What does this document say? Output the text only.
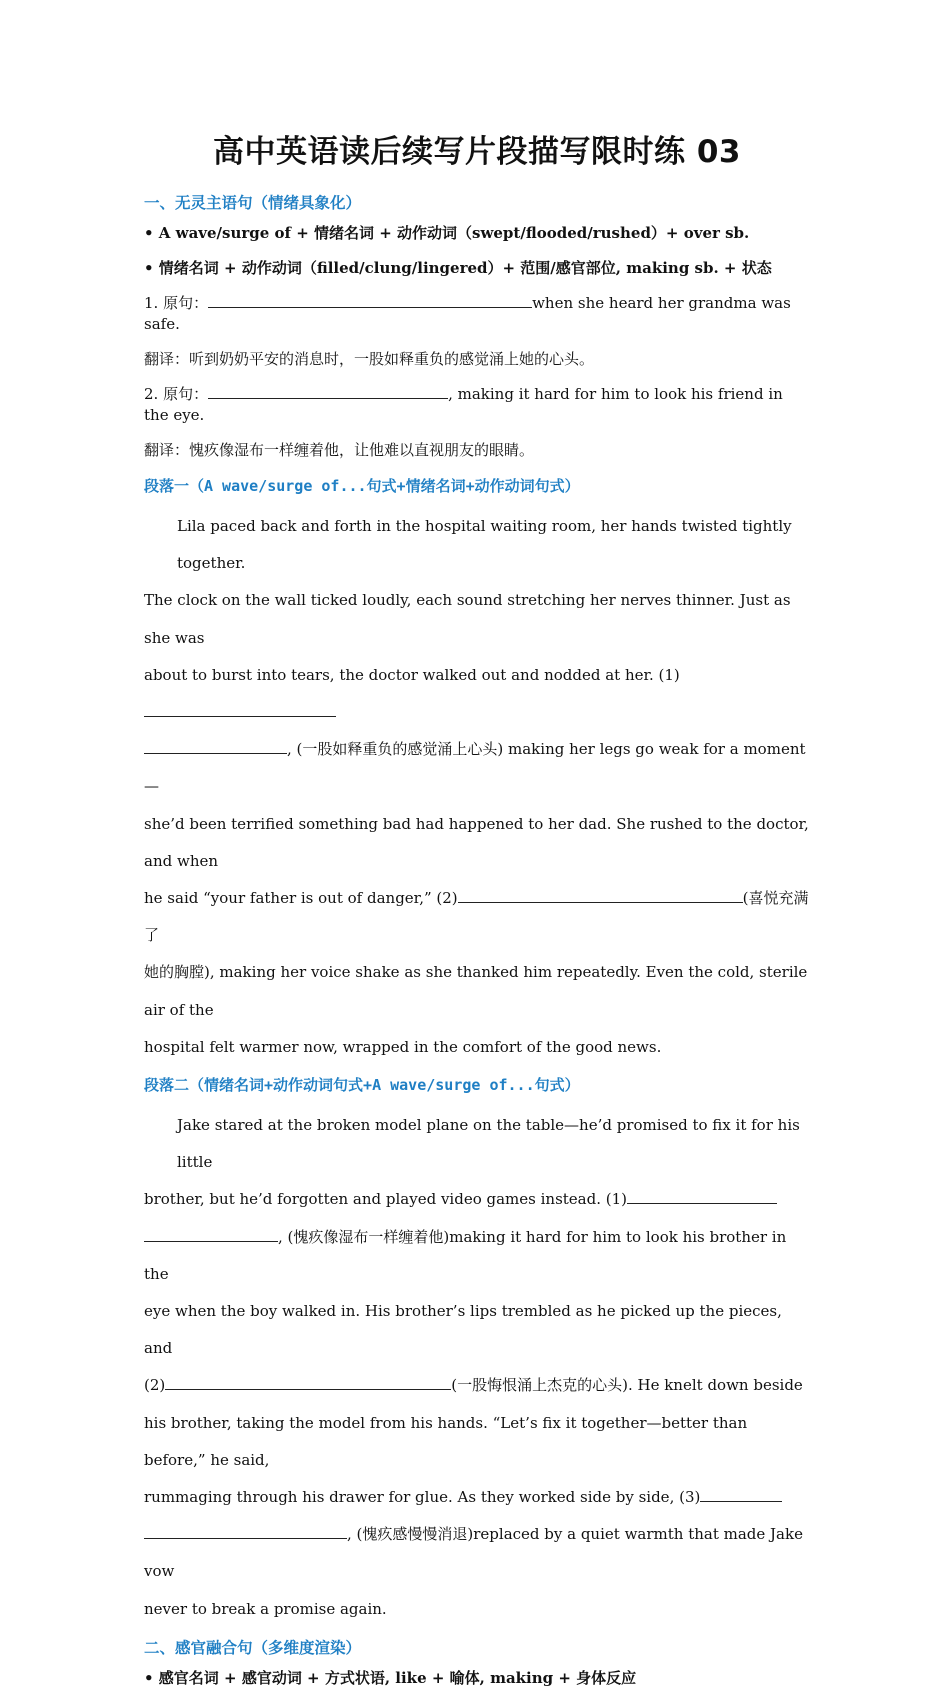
高中英语读后续写片段描写限时练 03
一、无灵主语句（情绪具象化）
• A wave/surge of + 情绪名词 + 动作动词（swept/flooded/rushed）+ over sb.
• 情绪名词 + 动作动词（filled/clung/lingered）+ 范围/感官部位, making sb. + 状态
1. 原句：	when she heard her grandma was safe.
翻译：听到奶奶平安的消息时，一股如释重负的感觉涌上她的心头。
2. 原句：	, making it hard for him to look his friend in the eye.
翻译：愧疚像湿布一样缠着他，让他难以直视朋友的眼睛。
段落一（A wave/surge of...句式+情绪名词+动作动词句式）
Lila paced back and forth in the hospital waiting room, her hands twisted tightly together.
The clock on the wall ticked loudly, each sound stretching her nerves thinner. Just as she was
about to burst into tears, the doctor walked out and nodded at her. (1)
, (一股如释重负的感觉涌上心头) making her legs go weak for a moment—
she’d been terrified something bad had happened to her dad. She rushed to the doctor, and when
he said “your father is out of danger,” (2)	(喜悦充满了
她的胸膛), making her voice shake as she thanked him repeatedly. Even the cold, sterile air of the
hospital felt warmer now, wrapped in the comfort of the good news.
段落二（情绪名词+动作动词句式+A wave/surge of...句式）
Jake stared at the broken model plane on the table—he’d promised to fix it for his little
brother, but he’d forgotten and played video games instead. (1)
, (愧疚像湿布一样缠着他)making it hard for him to look his brother in the
eye when the boy walked in. His brother’s lips trembled as he picked up the pieces, and
(2)	(一股悔恨涌上杰克的心头). He knelt down beside
his brother, taking the model from his hands. “Let’s fix it together—better than before,” he said,
rummaging through his drawer for glue. As they worked side by side, (3)
, (愧疚感慢慢消退)replaced by a quiet warmth that made Jake vow
never to break a promise again.
二、感官融合句（多维度渲染）
• 感官名词 + 感官动词 + 方式状语, like + 喻体, making + 身体反应
